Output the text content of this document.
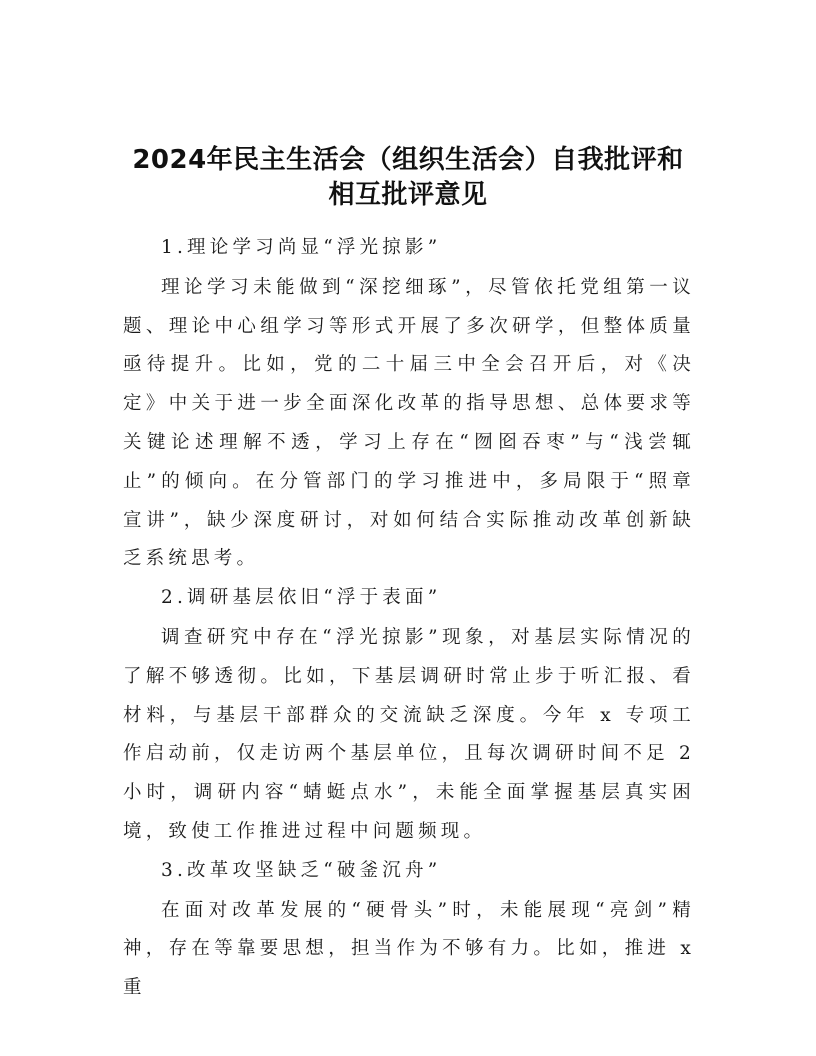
2024年民主生活会（组织生活会）自我批评和
相互批评意见

1.理论学习尚显“浮光掠影”

理论学习未能做到“深挖细琢”，尽管依托党组第一议题、理论中心组学习等形式开展了多次研学，但整体质量亟待提升。比如，党的二十届三中全会召开后，对《决定》中关于进一步全面深化改革的指导思想、总体要求等关键论述理解不透，学习上存在“囫囵吞枣”与“浅尝辄止”的倾向。在分管部门的学习推进中，多局限于“照章宣讲”，缺少深度研讨，对如何结合实际推动改革创新缺乏系统思考。

2.调研基层依旧“浮于表面”

调查研究中存在“浮光掠影”现象，对基层实际情况的了解不够透彻。比如，下基层调研时常止步于听汇报、看材料，与基层干部群众的交流缺乏深度。今年 x 专项工作启动前，仅走访两个基层单位，且每次调研时间不足 2 小时，调研内容“蜻蜓点水”，未能全面掌握基层真实困境，致使工作推进过程中问题频现。

3.改革攻坚缺乏“破釜沉舟”

在面对改革发展的“硬骨头”时，未能展现“亮剑”精神，存在等靠要思想，担当作为不够有力。比如，推进 x 重
